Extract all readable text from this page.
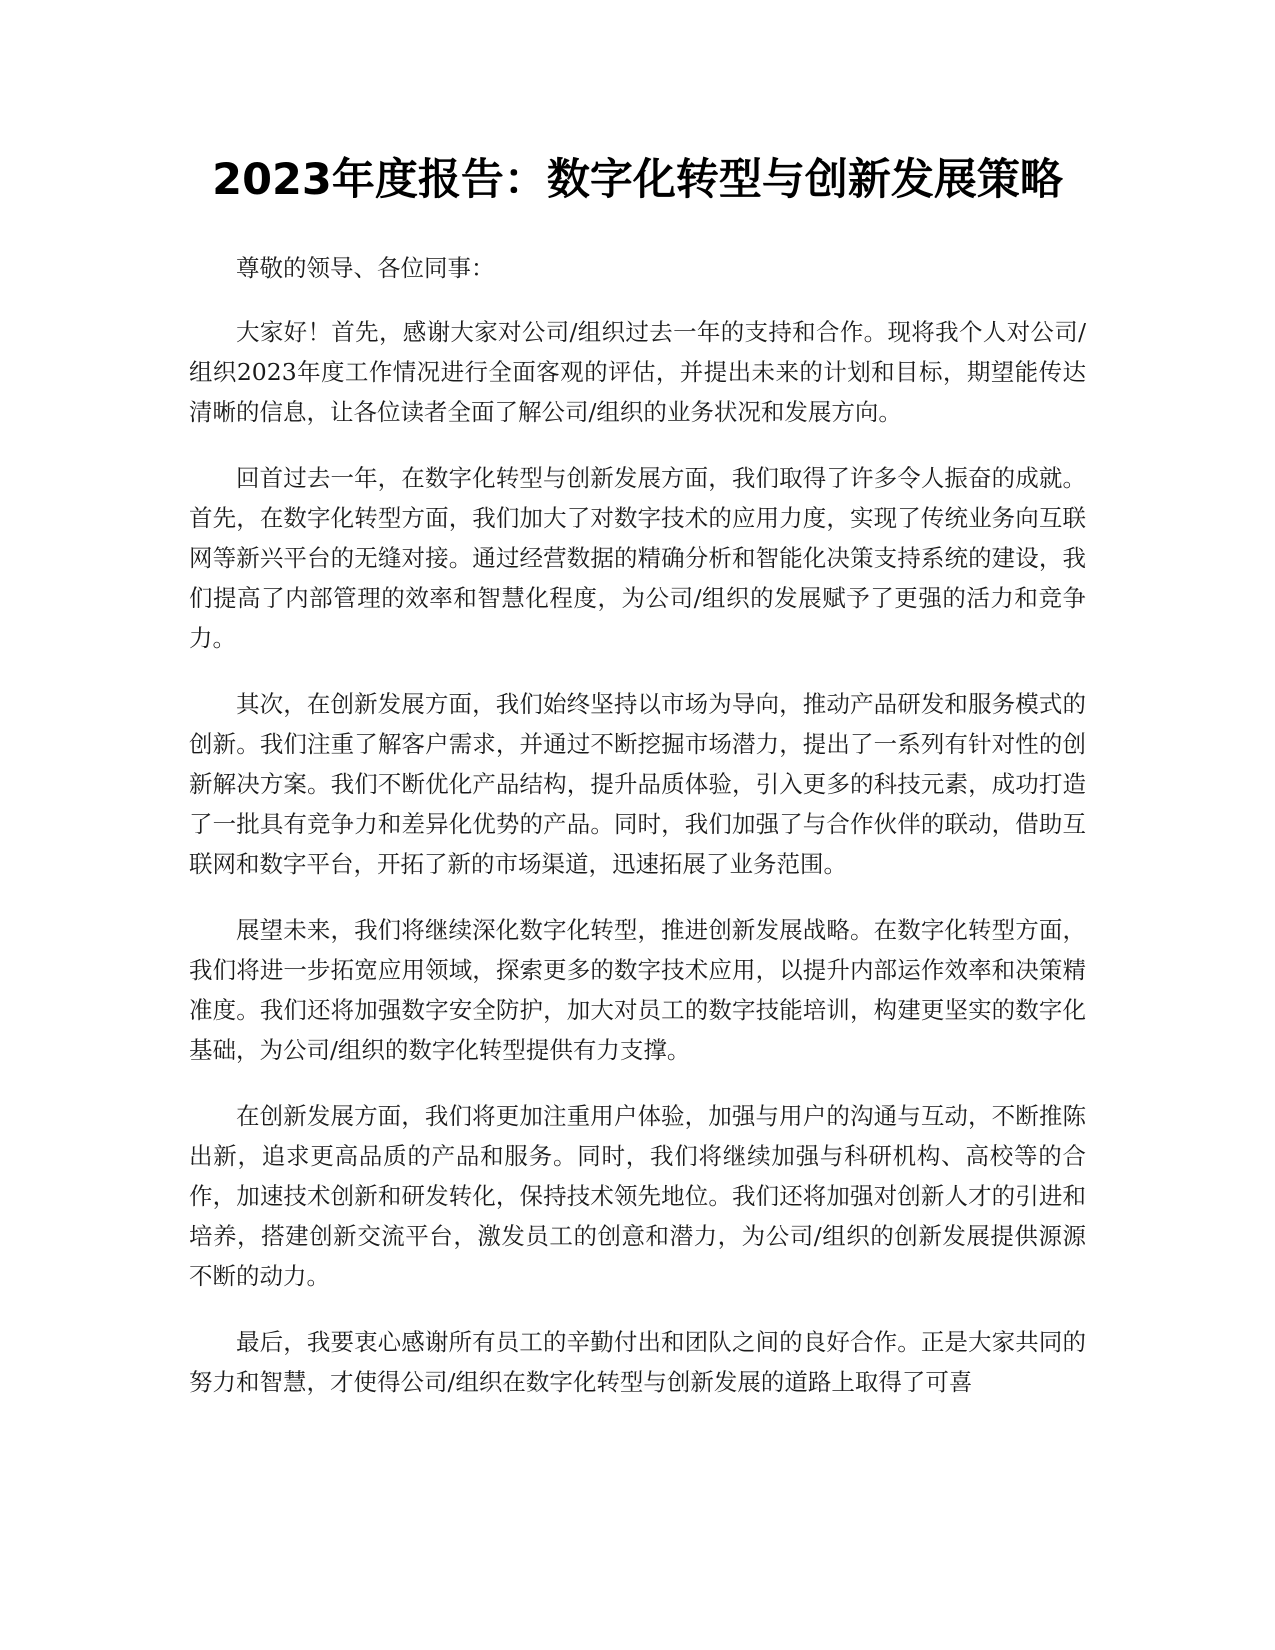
2023年度报告：数字化转型与创新发展策略

尊敬的领导、各位同事：

大家好！首先，感谢大家对公司/组织过去一年的支持和合作。现将我个人对公司/组织2023年度工作情况进行全面客观的评估，并提出未来的计划和目标，期望能传达清晰的信息，让各位读者全面了解公司/组织的业务状况和发展方向。

回首过去一年，在数字化转型与创新发展方面，我们取得了许多令人振奋的成就。首先，在数字化转型方面，我们加大了对数字技术的应用力度，实现了传统业务向互联网等新兴平台的无缝对接。通过经营数据的精确分析和智能化决策支持系统的建设，我们提高了内部管理的效率和智慧化程度，为公司/组织的发展赋予了更强的活力和竞争力。

其次，在创新发展方面，我们始终坚持以市场为导向，推动产品研发和服务模式的创新。我们注重了解客户需求，并通过不断挖掘市场潜力，提出了一系列有针对性的创新解决方案。我们不断优化产品结构，提升品质体验，引入更多的科技元素，成功打造了一批具有竞争力和差异化优势的产品。同时，我们加强了与合作伙伴的联动，借助互联网和数字平台，开拓了新的市场渠道，迅速拓展了业务范围。

展望未来，我们将继续深化数字化转型，推进创新发展战略。在数字化转型方面，我们将进一步拓宽应用领域，探索更多的数字技术应用，以提升内部运作效率和决策精准度。我们还将加强数字安全防护，加大对员工的数字技能培训，构建更坚实的数字化基础，为公司/组织的数字化转型提供有力支撑。

在创新发展方面，我们将更加注重用户体验，加强与用户的沟通与互动，不断推陈出新，追求更高品质的产品和服务。同时，我们将继续加强与科研机构、高校等的合作，加速技术创新和研发转化，保持技术领先地位。我们还将加强对创新人才的引进和培养，搭建创新交流平台，激发员工的创意和潜力，为公司/组织的创新发展提供源源不断的动力。

最后，我要衷心感谢所有员工的辛勤付出和团队之间的良好合作。正是大家共同的努力和智慧，才使得公司/组织在数字化转型与创新发展的道路上取得了可喜
